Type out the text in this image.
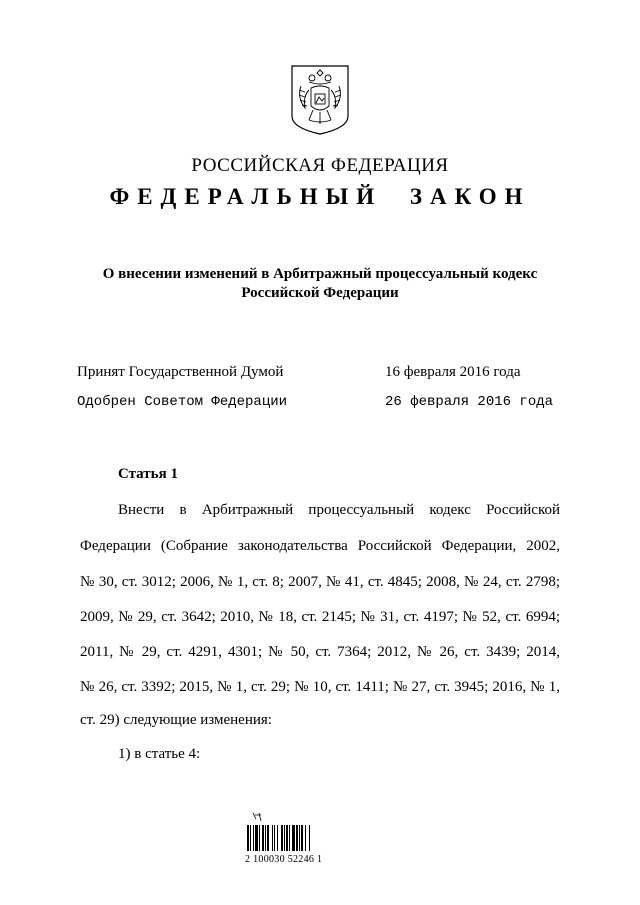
РОССИЙСКАЯ ФЕДЕРАЦИЯ
ФЕДЕРАЛЬНЫЙ ЗАКОН
О внесении изменений в Арбитражный процессуальный кодекс
Российской Федерации
Принят Государственной Думой	16 февраля 2016 года
Одобрен Советом Федерации	26 февраля 2016 года
Статья 1
Внести в Арбитражный процессуальный кодекс Российской
Федерации (Собрание законодательства Российской Федерации, 2002,
№ 30, ст. 3012; 2006, № 1, ст. 8; 2007, № 41, ст. 4845; 2008, № 24, ст. 2798;
2009, № 29, ст. 3642; 2010, № 18, ст. 2145; № 31, ст. 4197; № 52, ст. 6994;
2011, № 29, ст. 4291, 4301; № 50, ст. 7364; 2012, № 26, ст. 3439; 2014,
№ 26, ст. 3392; 2015, № 1, ст. 29; № 10, ст. 1411; № 27, ст. 3945; 2016, № 1,
ст. 29) следующие изменения:
1) в статье 4:
2 100030 52246 1
